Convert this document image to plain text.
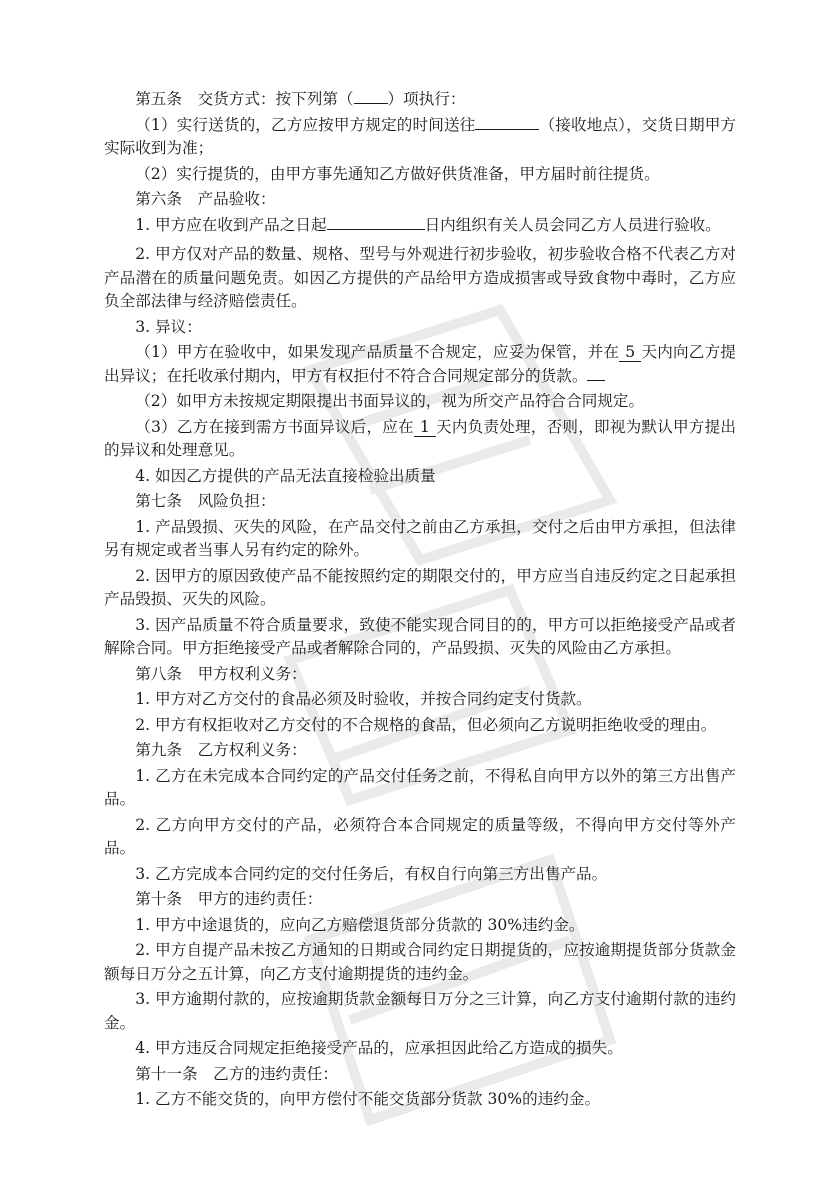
第五条　交货方式：按下列第（ ）项执行：

（1）实行送货的，乙方应按甲方规定的时间送往	（接收地点），交货日期甲方实际收到为准；

（2）实行提货的，由甲方事先通知乙方做好供货准备，甲方届时前往提货。

第六条　产品验收：

1. 甲方应在收到产品之日起	日内组织有关人员会同乙方人员进行验收。

2. 甲方仅对产品的数量、规格、型号与外观进行初步验收，初步验收合格不代表乙方对产品潜在的质量问题免责。如因乙方提供的产品给甲方造成损害或导致食物中毒时，乙方应负全部法律与经济赔偿责任。

3. 异议：

（1）甲方在验收中，如果发现产品质量不合规定，应妥为保管，并在 5 天内向乙方提出异议；在托收承付期内，甲方有权拒付不符合合同规定部分的货款。

（2）如甲方未按规定期限提出书面异议的，视为所交产品符合合同规定。

（3）乙方在接到需方书面异议后，应在 1 天内负责处理，否则，即视为默认甲方提出的异议和处理意见。

4. 如因乙方提供的产品无法直接检验出质量

第七条　风险负担：

1. 产品毁损、灭失的风险，在产品交付之前由乙方承担，交付之后由甲方承担，但法律另有规定或者当事人另有约定的除外。

2. 因甲方的原因致使产品不能按照约定的期限交付的，甲方应当自违反约定之日起承担产品毁损、灭失的风险。

3. 因产品质量不符合质量要求，致使不能实现合同目的的，甲方可以拒绝接受产品或者解除合同。甲方拒绝接受产品或者解除合同的，产品毁损、灭失的风险由乙方承担。

第八条　甲方权利义务：

1. 甲方对乙方交付的食品必须及时验收，并按合同约定支付货款。

2. 甲方有权拒收对乙方交付的不合规格的食品，但必须向乙方说明拒绝收受的理由。

第九条　乙方权利义务：

1. 乙方在未完成本合同约定的产品交付任务之前，不得私自向甲方以外的第三方出售产品。

2. 乙方向甲方交付的产品，必须符合本合同规定的质量等级，不得向甲方交付等外产品。

3. 乙方完成本合同约定的交付任务后，有权自行向第三方出售产品。

第十条　甲方的违约责任：

1. 甲方中途退货的，应向乙方赔偿退货部分货款的 30%违约金。

2. 甲方自提产品未按乙方通知的日期或合同约定日期提货的，应按逾期提货部分货款金额每日万分之五计算，向乙方支付逾期提货的违约金。

3. 甲方逾期付款的，应按逾期货款金额每日万分之三计算，向乙方支付逾期付款的违约金。

4. 甲方违反合同规定拒绝接受产品的，应承担因此给乙方造成的损失。

第十一条　乙方的违约责任：

1. 乙方不能交货的，向甲方偿付不能交货部分货款 30%的违约金。
